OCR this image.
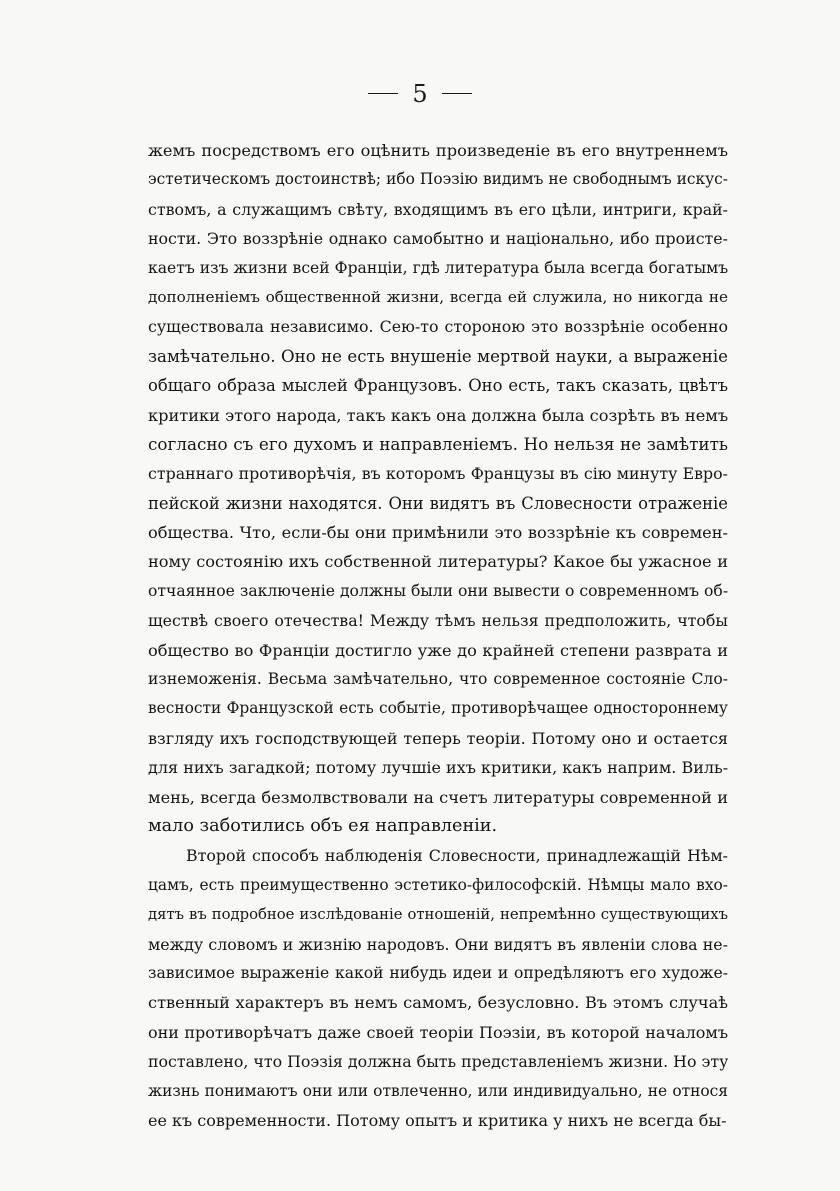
5
жемъ посредствомъ его оцѣнить произведенiе въ его внутреннемъ
эстетическомъ достоинствѣ; ибо Поэзiю видимъ не свободнымъ искус-
ствомъ, а служащимъ свѣту, входящимъ въ его цѣли, интриги, край-
ности. Это воззрѣнiе однако самобытно и нацiонально, ибо происте-
каетъ изъ жизни всей Францiи, гдѣ литература была всегда богатымъ
дополненiемъ общественной жизни, всегда ей служила, но никогда не
существовала независимо. Сею-то стороною это воззрѣнiе особенно
замѣчательно. Оно не есть внушенiе мертвой науки, а выраженiе
общаго образа мыслей Французовъ. Оно есть, такъ сказать, цвѣтъ
критики этого народа, такъ какъ она должна была созрѣть въ немъ
согласно съ его духомъ и направленiемъ. Но нельзя не замѣтить
страннаго противорѣчiя, въ которомъ Французы въ сiю минуту Евро-
пейской жизни находятся. Они видятъ въ Словесности отраженiе
общества. Что, если-бы они примѣнили это воззрѣнiе къ современ-
ному состоянiю ихъ собственной литературы? Какое бы ужасное и
отчаянное заключенiе должны были они вывести о современномъ об-
ществѣ своего отечества! Между тѣмъ нельзя предположить, чтобы
общество во Францiи достигло уже до крайней степени разврата и
изнеможенiя. Весьма замѣчательно, что современное состоянiе Сло-
весности Французской есть событiе, противорѣчащее одностороннему
взгляду ихъ господствующей теперь теорiи. Потому оно и остается
для нихъ загадкой; потому лучшiе ихъ критики, какъ наприм. Виль-
мень, всегда безмолвствовали на счетъ литературы современной и
мало заботились объ ея направленiи.
Второй способъ наблюденiя Словесности, принадлежащiй Нѣм-
цамъ, есть преимущественно эстетико-философскiй. Нѣмцы мало вхо-
дятъ въ подробное изслѣдованiе отношенiй, непремѣнно существующихъ
между словомъ и жизнiю народовъ. Они видятъ въ явленiи слова не-
зависимое выраженiе какой нибудь идеи и опредѣляютъ его художе-
ственный характеръ въ немъ самомъ, безусловно. Въ этомъ случаѣ
они противорѣчатъ даже своей теорiи Поэзiи, въ которой началомъ
поставлено, что Поэзiя должна быть представленiемъ жизни. Но эту
жизнь понимаютъ они или отвлеченно, или индивидуально, не относя
ее къ современности. Потому опытъ и критика у нихъ не всегда бы-
